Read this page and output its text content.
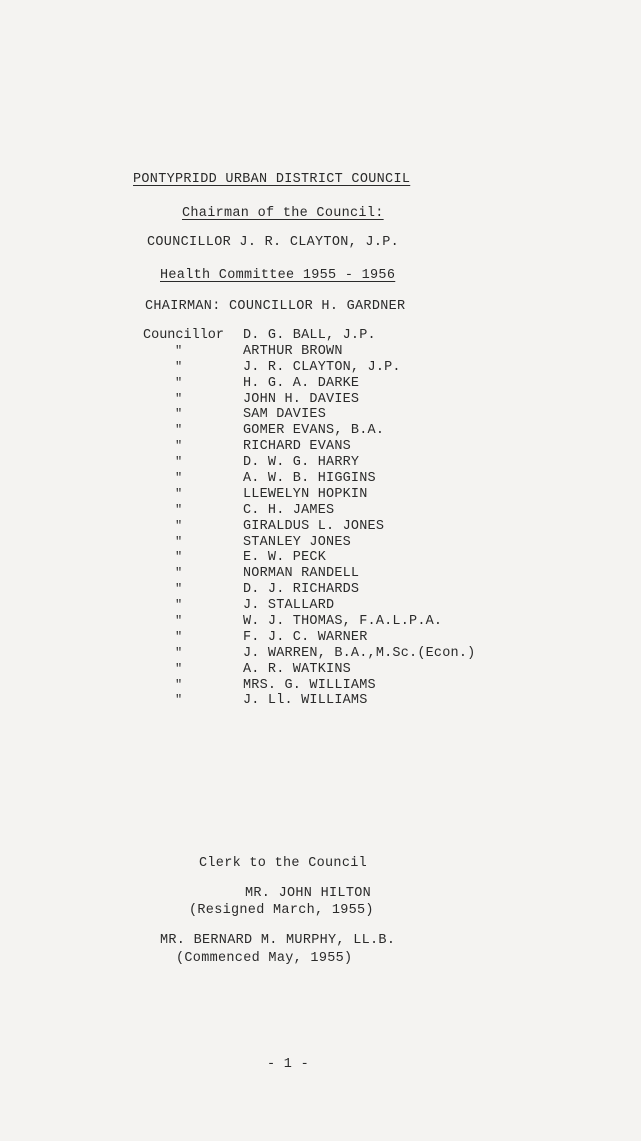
PONTYPRIDD URBAN DISTRICT COUNCIL
Chairman of the Council:
COUNCILLOR J. R. CLAYTON, J.P.
Health Committee 1955 - 1956
CHAIRMAN: COUNCILLOR H. GARDNER
Councillor	D. G. BALL, J.P.
"	ARTHUR BROWN
"	J. R. CLAYTON, J.P.
"	H. G. A. DARKE
"	JOHN H. DAVIES
"	SAM DAVIES
"	GOMER EVANS, B.A.
"	RICHARD EVANS
"	D. W. G. HARRY
"	A. W. B. HIGGINS
"	LLEWELYN HOPKIN
"	C. H. JAMES
"	GIRALDUS L. JONES
"	STANLEY JONES
"	E. W. PECK
"	NORMAN RANDELL
"	D. J. RICHARDS
"	J. STALLARD
"	W. J. THOMAS, F.A.L.P.A.
"	F. J. C. WARNER
"	J. WARREN, B.A.,M.Sc.(Econ.)
"	A. R. WATKINS
"	MRS. G. WILLIAMS
"	J. Ll. WILLIAMS
Clerk to the Council
MR. JOHN HILTON
(Resigned March, 1955)
MR. BERNARD M. MURPHY, LL.B.
(Commenced May, 1955)
- 1 -
